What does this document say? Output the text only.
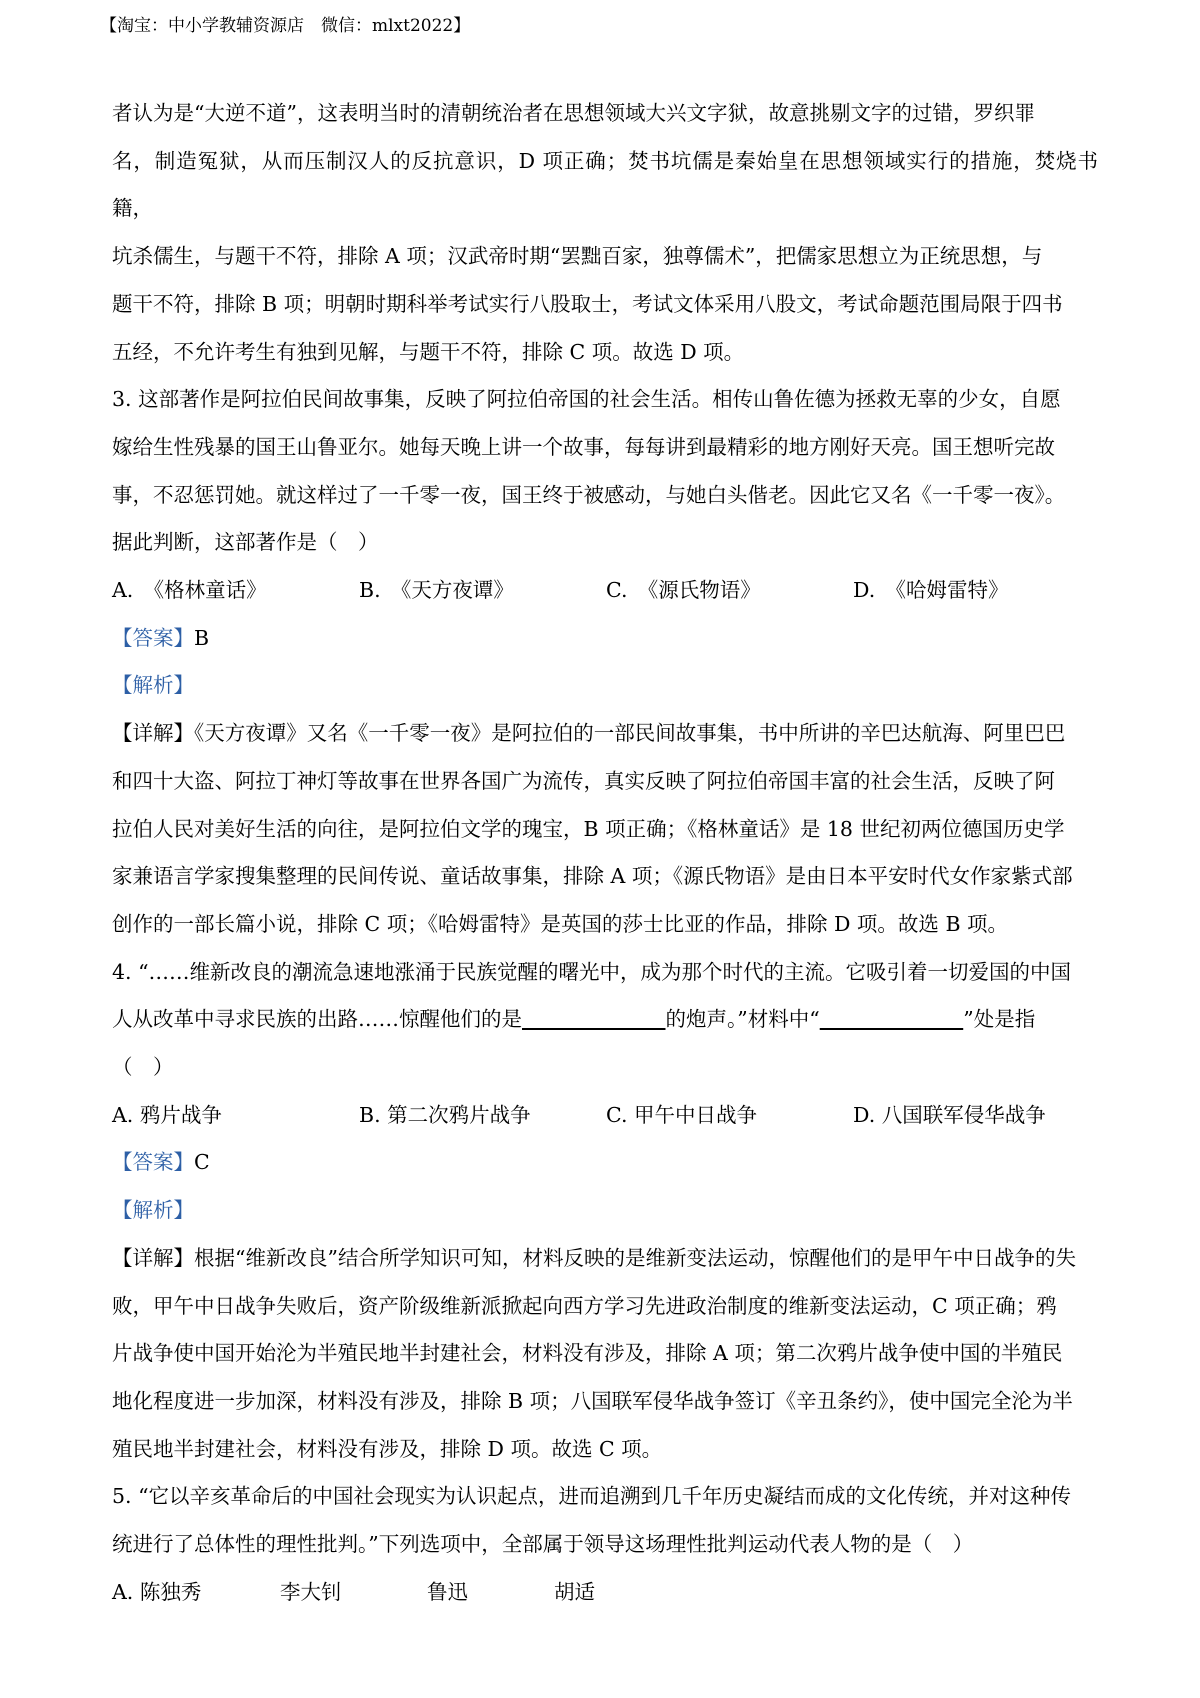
【淘宝：中小学教辅资源店　微信：mlxt2022】

者认为是“大逆不道”，这表明当时的清朝统治者在思想领域大兴文字狱，故意挑剔文字的过错，罗织罪

名，制造冤狱，从而压制汉人的反抗意识，D 项正确；焚书坑儒是秦始皇在思想领域实行的措施，焚烧书籍，

坑杀儒生，与题干不符，排除 A 项；汉武帝时期“罢黜百家，独尊儒术”，把儒家思想立为正统思想，与

题干不符，排除 B 项；明朝时期科举考试实行八股取士，考试文体采用八股文，考试命题范围局限于四书

五经，不允许考生有独到见解，与题干不符，排除 C 项。故选 D 项。

3. 这部著作是阿拉伯民间故事集，反映了阿拉伯帝国的社会生活。相传山鲁佐德为拯救无辜的少女，自愿

嫁给生性残暴的国王山鲁亚尔。她每天晚上讲一个故事，每每讲到最精彩的地方刚好天亮。国王想听完故

事，不忍惩罚她。就这样过了一千零一夜，国王终于被感动，与她白头偕老。因此它又名《一千零一夜》。

据此判断，这部著作是（　）

A.　《格林童话》	B.　《天方夜谭》	C.　《源氏物语》	D.　《哈姆雷特》

【答案】B

【解析】

【详解】《天方夜谭》又名《一千零一夜》是阿拉伯的一部民间故事集，书中所讲的辛巴达航海、阿里巴巴

和四十大盗、阿拉丁神灯等故事在世界各国广为流传，真实反映了阿拉伯帝国丰富的社会生活，反映了阿

拉伯人民对美好生活的向往，是阿拉伯文学的瑰宝，B 项正确；《格林童话》是 18 世纪初两位德国历史学

家兼语言学家搜集整理的民间传说、童话故事集，排除 A 项；《源氏物语》是由日本平安时代女作家紫式部

创作的一部长篇小说，排除 C 项；《哈姆雷特》是英国的莎士比亚的作品，排除 D 项。故选 B 项。

4. “……维新改良的潮流急速地涨涌于民族觉醒的曙光中，成为那个时代的主流。它吸引着一切爱国的中国

人从改革中寻求民族的出路……惊醒他们的是　　　　　　　	的炮声。”材料中“　　　　　　　	”处是指

（　）

A. 鸦片战争	B. 第二次鸦片战争	C. 甲午中日战争	D. 八国联军侵华战争

【答案】C

【解析】

【详解】根据“维新改良”结合所学知识可知，材料反映的是维新变法运动，惊醒他们的是甲午中日战争的失

败，甲午中日战争失败后，资产阶级维新派掀起向西方学习先进政治制度的维新变法运动，C 项正确；鸦

片战争使中国开始沦为半殖民地半封建社会，材料没有涉及，排除 A 项；第二次鸦片战争使中国的半殖民

地化程度进一步加深，材料没有涉及，排除 B 项；八国联军侵华战争签订《辛丑条约》，使中国完全沦为半

殖民地半封建社会，材料没有涉及，排除 D 项。故选 C 项。

5. “它以辛亥革命后的中国社会现实为认识起点，进而追溯到几千年历史凝结而成的文化传统，并对这种传

统进行了总体性的理性批判。”下列选项中，全部属于领导这场理性批判运动代表人物的是（　）

A. 陈独秀	李大钊	鲁迅	胡适
